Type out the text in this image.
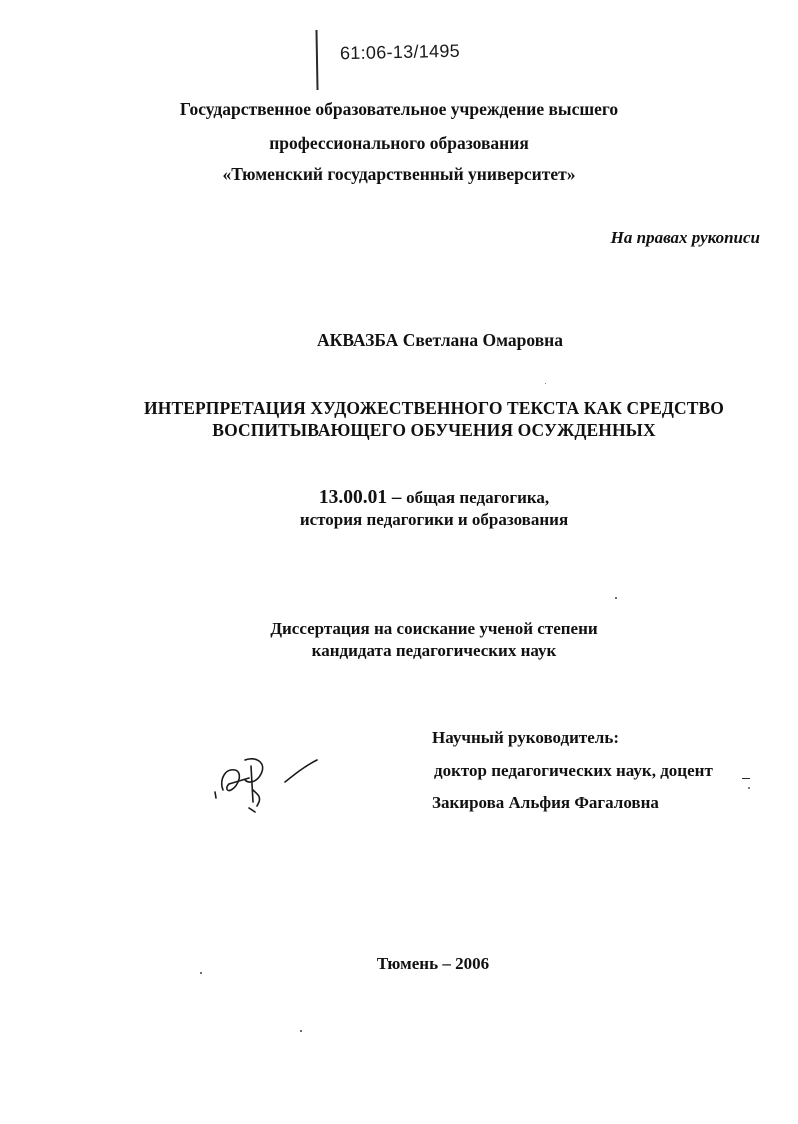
61:06-13/1495
Государственное образовательное учреждение высшего
профессионального образования
«Тюменский государственный университет»
На правах рукописи
АКВАЗБА Светлана Омаровна
ИНТЕРПРЕТАЦИЯ ХУДОЖЕСТВЕННОГО ТЕКСТА КАК СРЕДСТВО
ВОСПИТЫВАЮЩЕГО ОБУЧЕНИЯ ОСУЖДЕННЫХ
13.00.01 – общая педагогика,
история педагогики и образования
Диссертация на соискание ученой степени
кандидата педагогических наук
Научный руководитель:
доктор педагогических наук, доцент
Закирова Альфия Фагаловна
Тюмень – 2006
